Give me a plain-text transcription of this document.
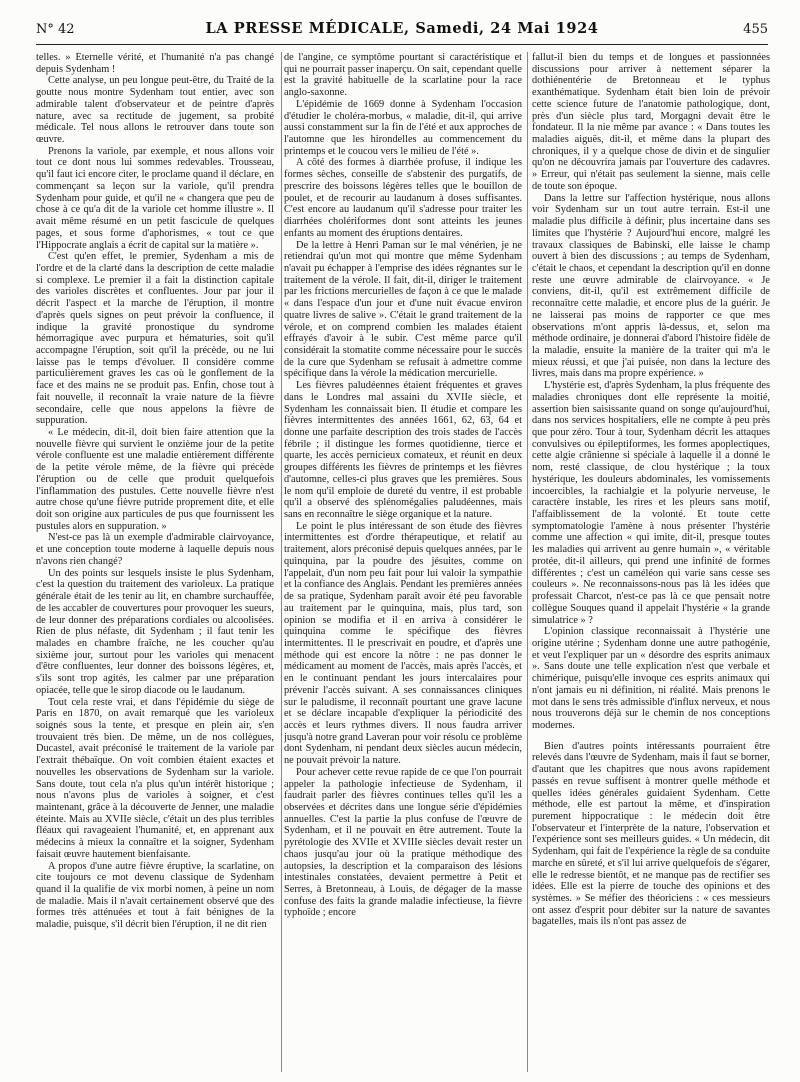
N° 42	LA PRESSE MÉDICALE, Samedi, 24 Mai 1924	455

telles. » Éternelle vérité, et l'humanité n'a pas changé depuis Sydenham !

Cette analyse, un peu longue peut-être, du Traité de la goutte nous montre Sydenham tout entier, avec son admirable talent d'observateur et de peintre d'après nature, avec sa rectitude de jugement, sa probité médicale. Tel nous allons le retrouver dans toute son œuvre.

Prenons la variole, par exemple, et nous allons voir tout ce dont nous lui sommes redevables. Trousseau, qu'il faut ici encore citer, le proclame quand il déclare, en commençant sa leçon sur la variole, qu'il prendra Sydenham pour guide, et qu'il ne « changera que peu de chose à ce qu'a dit de la variole cet homme illustre ». Il avait même résumé en un petit fascicule de quelques pages, et sous forme d'aphorismes, « tout ce que l'Hippocrate anglais a écrit de capital sur la matière ».

C'est qu'en effet, le premier, Sydenham a mis de l'ordre et de la clarté dans la description de cette maladie si complexe. Le premier il a fait la distinction capitale des varioles discrètes et confluentes. Jour par jour il décrit l'aspect et la marche de l'éruption, il montre d'après quels signes on peut prévoir la confluence, il indique la gravité pronostique du syndrome hémorragique avec purpura et hématuries, soit qu'il accompagne l'éruption, soit qu'il la précède, ou ne lui laisse pas le temps d'évoluer. Il considère comme particulièrement graves les cas où le gonflement de la face et des mains ne se produit pas. Enfin, chose tout à fait nouvelle, il reconnaît la vraie nature de la fièvre secondaire, celle que nous appelons la fièvre de suppuration.

« Le médecin, dit-il, doit bien faire attention que la nouvelle fièvre qui survient le onzième jour de la petite vérole confluente est une maladie entièrement différente de la petite vérole même, de la fièvre qui précède l'éruption ou de celle que produit quelquefois l'inflammation des pustules. Cette nouvelle fièvre n'est autre chose qu'une fièvre putride proprement dite, et elle doit son origine aux particules de pus que fournissent les pustules alors en suppuration. »

N'est-ce pas là un exemple d'admirable clairvoyance, et une conception toute moderne à laquelle depuis nous n'avons rien changé?

Un des points sur lesquels insiste le plus Sydenham, c'est la question du traitement des varioleux. La pratique générale était de les tenir au lit, en chambre surchauffée, de les accabler de couvertures pour provoquer les sueurs, de leur donner des préparations cordiales ou alcoolisées. Rien de plus néfaste, dit Sydenham ; il faut tenir les malades en chambre fraîche, ne les coucher qu'au sixième jour, surtout pour les varioles qui menacent d'être confluentes, leur donner des boissons légères, et, s'ils sont trop agités, les calmer par une préparation opiacée, telle que le sirop diacode ou le laudanum.

Tout cela reste vrai, et dans l'épidémie du siège de Paris en 1870, on avait remarqué que les varioleux soignés sous la tente, et presque en plein air, s'en trouvaient très bien. De même, un de nos collègues, Ducastel, avait préconisé le traitement de la variole par l'extrait thébaïque. On voit combien étaient exactes et nouvelles les observations de Sydenham sur la variole. Sans doute, tout cela n'a plus qu'un intérêt historique ; nous n'avons plus de varioles à soigner, et c'est maintenant, grâce à la découverte de Jenner, une maladie éteinte. Mais au XVIIe siècle, c'était un des plus terribles fléaux qui ravageaient l'humanité, et, en apprenant aux médecins à mieux la connaître et la soigner, Sydenham faisait œuvre hautement bienfaisante.

A propos d'une autre fièvre éruptive, la scarlatine, on cite toujours ce mot devenu classique de Sydenham quand il la qualifie de vix morbi nomen, à peine un nom de maladie. Mais il n'avait certainement observé que des formes très atténuées et tout à fait bénignes de la maladie, puisque, s'il décrit bien l'éruption, il ne dit rien

de l'angine, ce symptôme pourtant si caractéristique et qui ne pourrait passer inaperçu. On sait, cependant quelle est la gravité habituelle de la scarlatine pour la race anglo-saxonne.

L'épidémie de 1669 donne à Sydenham l'occasion d'étudier le choléra-morbus, « maladie, dit-il, qui arrive aussi constamment sur la fin de l'été et aux approches de l'automne que les hirondelles au commencement du printemps et le coucou vers le milieu de l'été ».

A côté des formes à diarrhée profuse, il indique les formes sèches, conseille de s'abstenir des purgatifs, de prescrire des boissons légères telles que le bouillon de poulet, et de recourir au laudanum à doses suffisantes. C'est encore au laudanum qu'il s'adresse pour traiter les diarrhées cholériformes dont sont atteints les jeunes enfants au moment des éruptions dentaires.

De la lettre à Henri Paman sur le mal vénérien, je ne retiendrai qu'un mot qui montre que même Sydenham n'avait pu échapper à l'emprise des idées régnantes sur le traitement de la vérole. Il fait, dit-il, diriger le traitement par les frictions mercurielles de façon à ce que le malade « dans l'espace d'un jour et d'une nuit évacue environ quatre livres de salive ». C'était le grand traitement de la vérole, et on comprend combien les malades étaient effrayés d'avoir à le subir. C'est même parce qu'il considérait la stomatite comme nécessaire pour le succès de la cure que Sydenham se refusait à admettre comme spécifique dans la vérole la médication mercurielle.

Les fièvres paludéennes étaient fréquentes et graves dans le Londres mal assaini du XVIIe siècle, et Sydenham les connaissait bien. Il étudie et compare les fièvres intermittentes des années 1661, 62, 63, 64 et donne une parfaite description des trois stades de l'accès fébrile ; il distingue les formes quotidienne, tierce et quarte, les accès pernicieux comateux, et réunit en deux groupes différents les fièvres de printemps et les fièvres d'automne, celles-ci plus graves que les premières. Sous le nom qu'il emploie de dureté du ventre, il est probable qu'il a observé des splénomégalies paludéennes, mais sans en reconnaître le siège organique et la nature.

Le point le plus intéressant de son étude des fièvres intermittentes est d'ordre thérapeutique, et relatif au traitement, alors préconisé depuis quelques années, par le quinquina, par la poudre des jésuites, comme on l'appelait, d'un nom peu fait pour lui valoir la sympathie et la confiance des Anglais. Pendant les premières années de sa pratique, Sydenham paraît avoir été peu favorable au traitement par le quinquina, mais, plus tard, son opinion se modifia et il en arriva à considérer le quinquina comme le spécifique des fièvres intermittentes. Il le prescrivait en poudre, et d'après une méthode qui est encore la nôtre : ne pas donner le médicament au moment de l'accès, mais après l'accès, et en le continuant pendant les jours intercalaires pour prévenir l'accès suivant. A ses connaissances cliniques sur le paludisme, il reconnaît pourtant une grave lacune et se déclare incapable d'expliquer la périodicité des accès et leurs rythmes divers. Il nous faudra arriver jusqu'à notre grand Laveran pour voir résolu ce problème dont Sydenham, ni pendant deux siècles aucun médecin, ne pouvait prévoir la nature.

Pour achever cette revue rapide de ce que l'on pourrait appeler la pathologie infectieuse de Sydenham, il faudrait parler des fièvres continues telles qu'il les a observées et décrites dans une longue série d'épidémies annuelles. C'est la partie la plus confuse de l'œuvre de Sydenham, et il ne pouvait en être autrement. Toute la pyrétologie des XVIIe et XVIIIe siècles devait rester un chaos jusqu'au jour où la pratique méthodique des autopsies, la description et la comparaison des lésions intestinales constatées, devaient permettre à Petit et Serres, à Bretonneau, à Louis, de dégager de la masse confuse des faits la grande maladie infectieuse, la fièvre typhoïde ; encore

fallut-il bien du temps et de longues et passionnées discussions pour arriver à nettement séparer la dothiénentérie de Bretonneau et le typhus exanthématique. Sydenham était bien loin de prévoir cette science future de l'anatomie pathologique, dont, près d'un siècle plus tard, Morgagni devait être le fondateur. Il la nie même par avance : « Dans toutes les maladies aiguës, dit-il, et même dans la plupart des chroniques, il y a quelque chose de divin et de singulier qu'on ne découvrira jamais par l'ouverture des cadavres. » Erreur, qui n'était pas seulement la sienne, mais celle de toute son époque.

Dans la lettre sur l'affection hystérique, nous allons voir Sydenham sur un tout autre terrain. Est-il une maladie plus difficile à définir, plus incertaine dans ses limites que l'hystérie ? Aujourd'hui encore, malgré les travaux classiques de Babinski, elle laisse le champ ouvert à bien des discussions ; au temps de Sydenham, c'était le chaos, et cependant la description qu'il en donne reste une œuvre admirable de clairvoyance. « Je conviens, dit-il, qu'il est extrêmement difficile de reconnaître cette maladie, et encore plus de la guérir. Je ne laisserai pas moins de rapporter ce que mes observations m'ont appris là-dessus, et, selon ma méthode ordinaire, je donnerai d'abord l'histoire fidèle de la maladie, ensuite la manière de la traiter qui m'a le mieux réussi, et que j'ai puisée, non dans la lecture des livres, mais dans ma propre expérience. »

L'hystérie est, d'après Sydenham, la plus fréquente des maladies chroniques dont elle représente la moitié, assertion bien saisissante quand on songe qu'aujourd'hui, dans nos services hospitaliers, elle ne compte à peu près que pour zéro. Tour à tour, Sydenham décrit les attaques convulsives ou épileptiformes, les formes apoplectiques, cette algie crânienne si spéciale à laquelle il a donné le nom, resté classique, de clou hystérique ; la toux hystérique, les douleurs abdominales, les vomissements incoercibles, la rachialgie et la polyurie nerveuse, le caractère instable, les rires et les pleurs sans motif, l'affaiblissement de la volonté. Et toute cette symptomatologie l'amène à nous présenter l'hystérie comme une affection « qui imite, dit-il, presque toutes les maladies qui arrivent au genre humain », « véritable protée, dit-il ailleurs, qui prend une infinité de formes différentes ; c'est un caméléon qui varie sans cesse ses couleurs ». Ne reconnaissons-nous pas là les idées que professait Charcot, n'est-ce pas là ce que pensait notre collègue Souques quand il appelait l'hystérie « la grande simulatrice » ?

L'opinion classique reconnaissait à l'hystérie une origine utérine ; Sydenham donne une autre pathogénie, et veut l'expliquer par un « désordre des esprits animaux ». Sans doute une telle explication n'est que verbale et chimérique, puisqu'elle invoque ces esprits animaux qui n'ont jamais eu ni définition, ni réalité. Mais prenons le mot dans le sens très admissible d'influx nerveux, et nous nous trouverons déjà sur le chemin de nos conceptions modernes.

Bien d'autres points intéressants pourraient être relevés dans l'œuvre de Sydenham, mais il faut se borner, d'autant que les chapitres que nous avons rapidement passés en revue suffisent à montrer quelle méthode et quelles idées générales guidaient Sydenham. Cette méthode, elle est partout la même, et d'inspiration purement hippocratique : le médecin doit être l'observateur et l'interprète de la nature, l'observation et l'expérience sont ses meilleurs guides. « Un médecin, dit Sydenham, qui fait de l'expérience la règle de sa conduite marche en sûreté, et s'il lui arrive quelquefois de s'égarer, elle le redresse bientôt, et ne manque pas de rectifier ses idées. Elle est la pierre de touche des opinions et des systèmes. » Se méfier des théoriciens : « ces messieurs ont assez d'esprit pour débiter sur la nature de savantes bagatelles, mais ils n'ont pas assez de
